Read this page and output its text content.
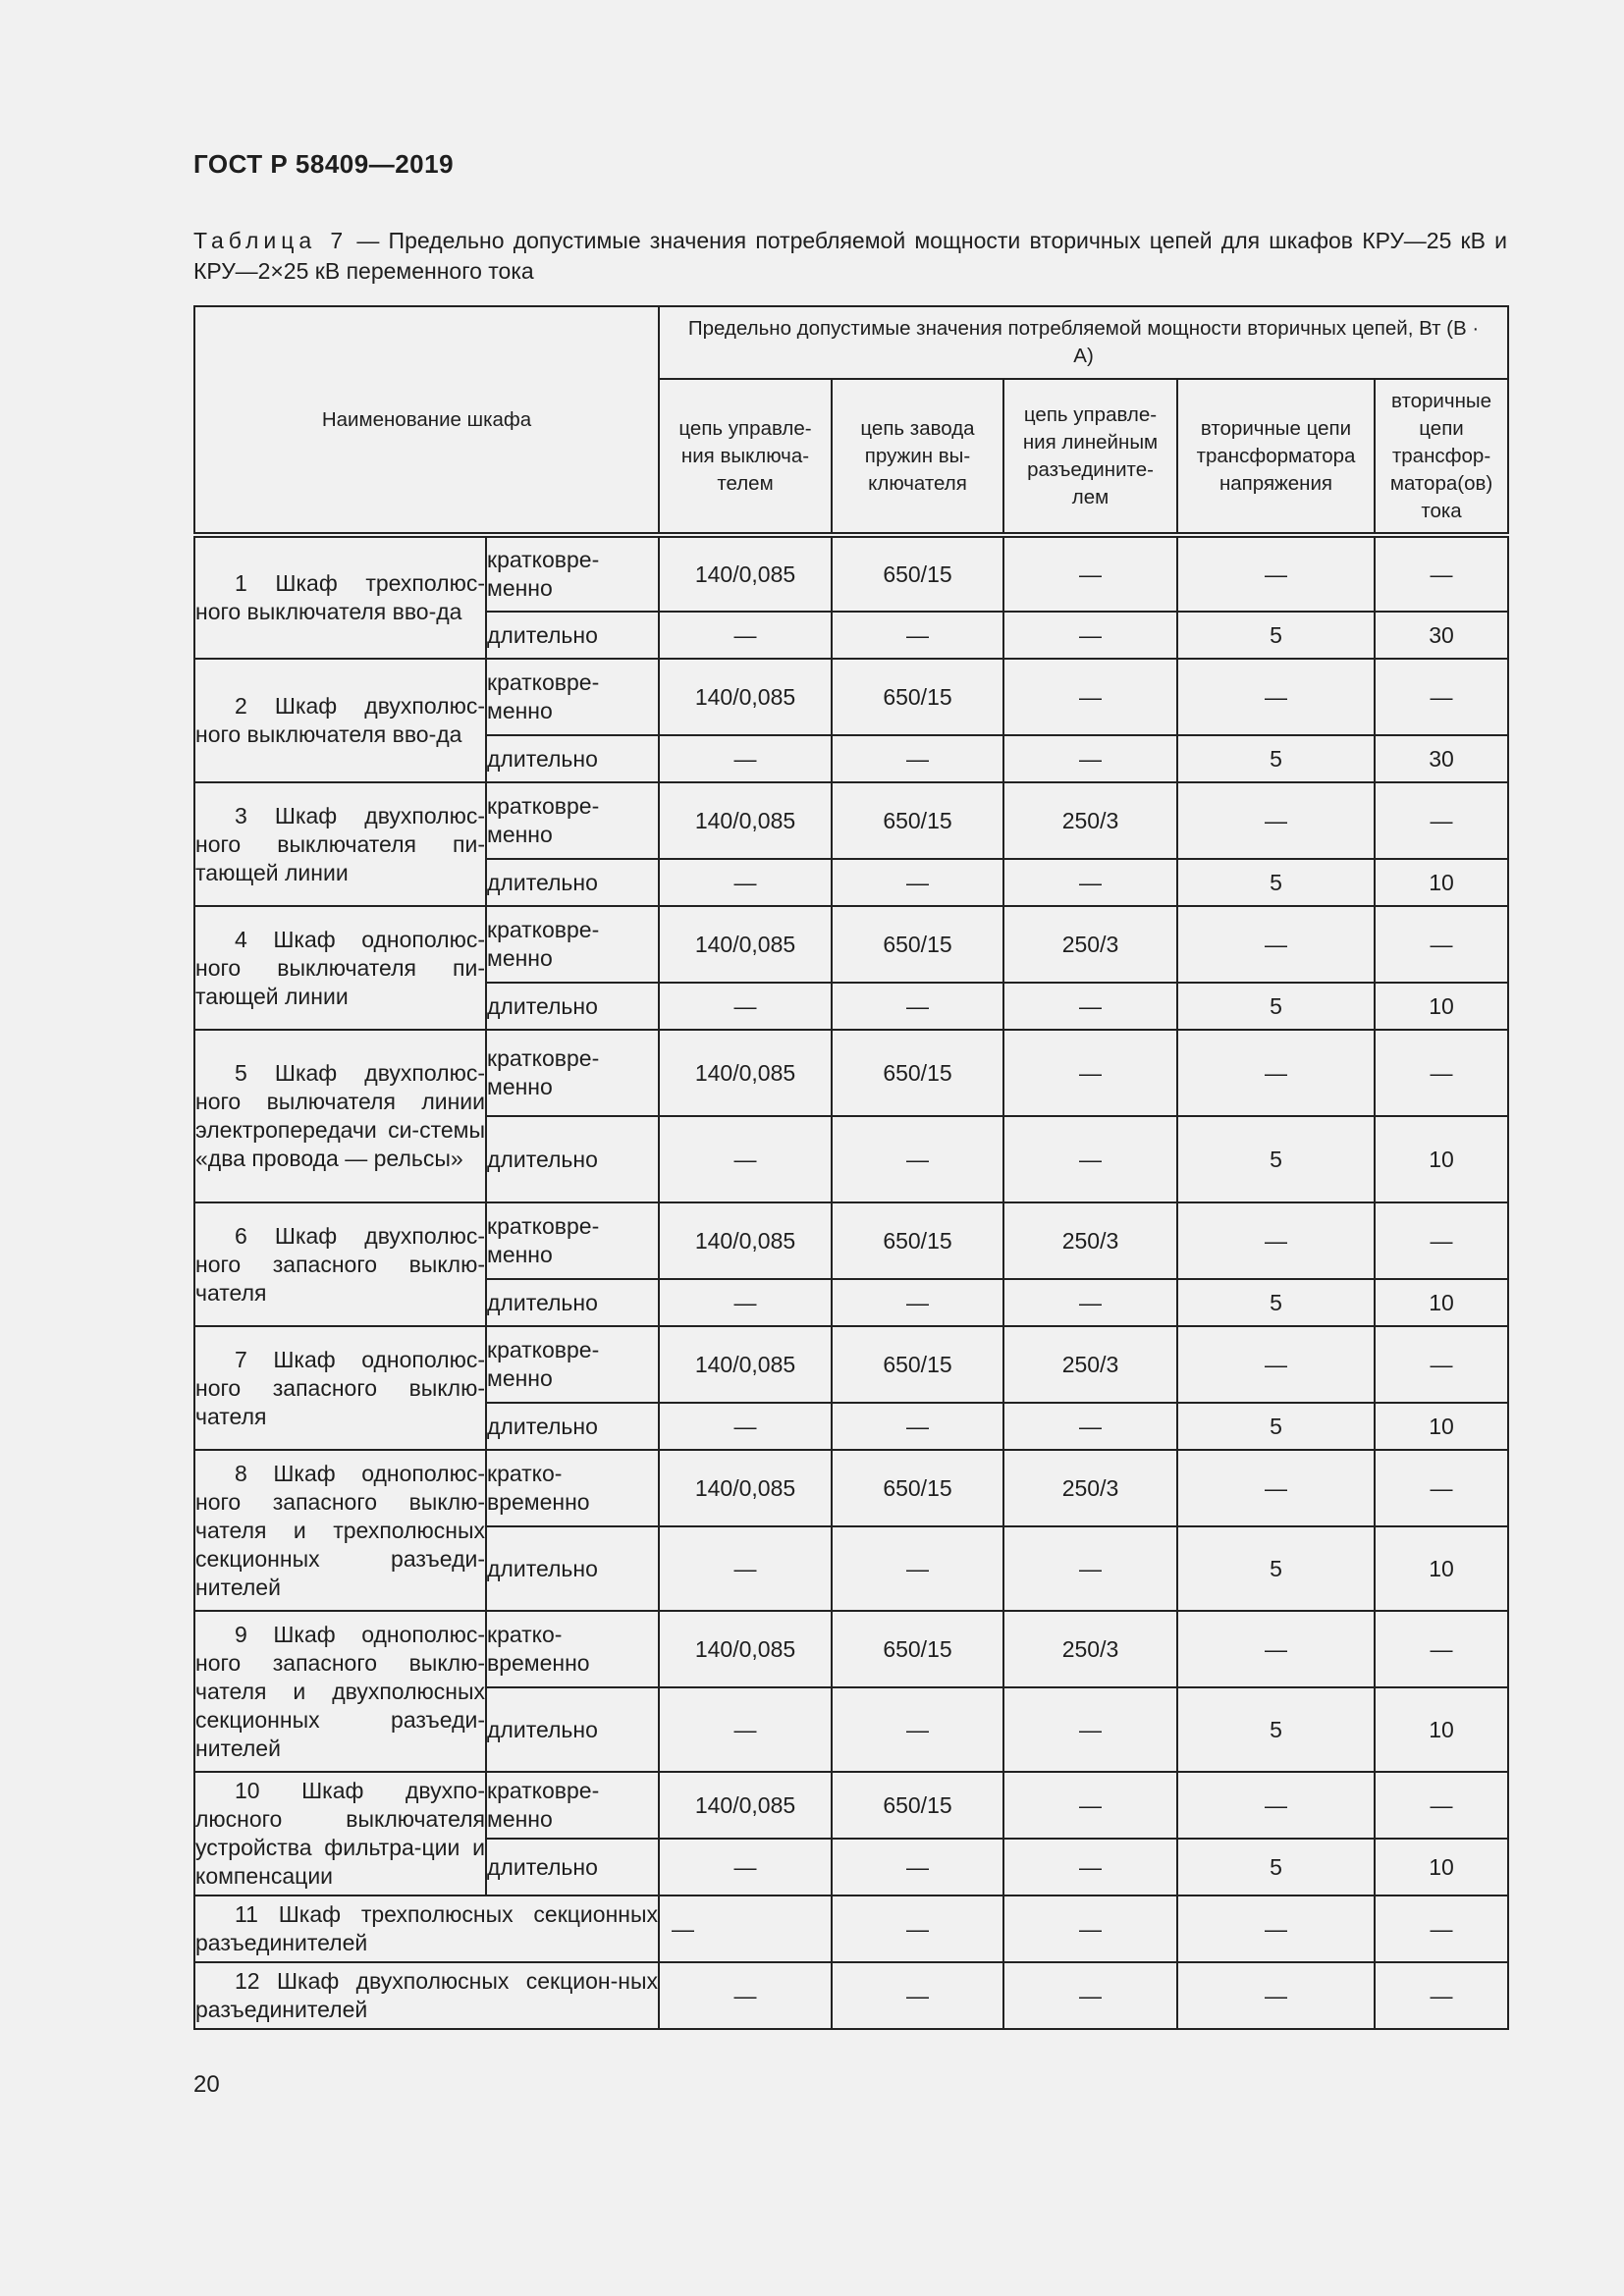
ГОСТ Р 58409—2019
Таблица 7 — Предельно допустимые значения потребляемой мощности вторичных цепей для шкафов КРУ—25 кВ и КРУ—2×25 кВ переменного тока
Наименование шкафа		Предельно допустимые значения потребляемой мощности вторичных цепей, Вт (В · А)				
		цепь управле-ния выключа-телем	цепь завода пружин вы-ключателя	цепь управле-ния линейным разъедините-лем	вторичные цепи трансформатора напряжения	вторичные цепи трансфор-матора(ов) тока
1 Шкаф трехполюс-ного выключателя вво-да	кратковре-менно	140/0,085	650/15	—	—	—
	длительно	—	—	—	5	30
2 Шкаф двухполюс-ного выключателя вво-да	кратковре-менно	140/0,085	650/15	—	—	—
	длительно	—	—	—	5	30
3 Шкаф двухполюс-ного выключателя пи-тающей линии	кратковре-менно	140/0,085	650/15	250/3	—	—
	длительно	—	—	—	5	10
4 Шкаф однополюс-ного выключателя пи-тающей линии	кратковре-менно	140/0,085	650/15	250/3	—	—
	длительно	—	—	—	5	10
5 Шкаф двухполюс-ного вылючателя линии электропередачи си-стемы «два провода — рельсы»	кратковре-менно	140/0,085	650/15	—	—	—
	длительно	—	—	—	5	10
6 Шкаф двухполюс-ного запасного выклю-чателя	кратковре-менно	140/0,085	650/15	250/3	—	—
	длительно	—	—	—	5	10
7 Шкаф однополюс-ного запасного выклю-чателя	кратковре-менно	140/0,085	650/15	250/3	—	—
	длительно	—	—	—	5	10
8 Шкаф однополюс-ного запасного выклю-чателя и трехполюсных секционных разъеди-нителей	кратко-временно	140/0,085	650/15	250/3	—	—
	длительно	—	—	—	5	10
9 Шкаф однополюс-ного запасного выклю-чателя и двухполюсных секционных разъеди-нителей	кратко-временно	140/0,085	650/15	250/3	—	—
	длительно	—	—	—	5	10
10 Шкаф двухпо-люсного выключателя устройства фильтра-ции и компенсации	кратковре-менно	140/0,085	650/15	—	—	—
	длительно	—	—	—	5	10
11 Шкаф трехполюсных секционных разъединителей		—	—	—	—	—
12 Шкаф двухполюсных секцион-ных разъединителей		—	—	—	—	—
20
